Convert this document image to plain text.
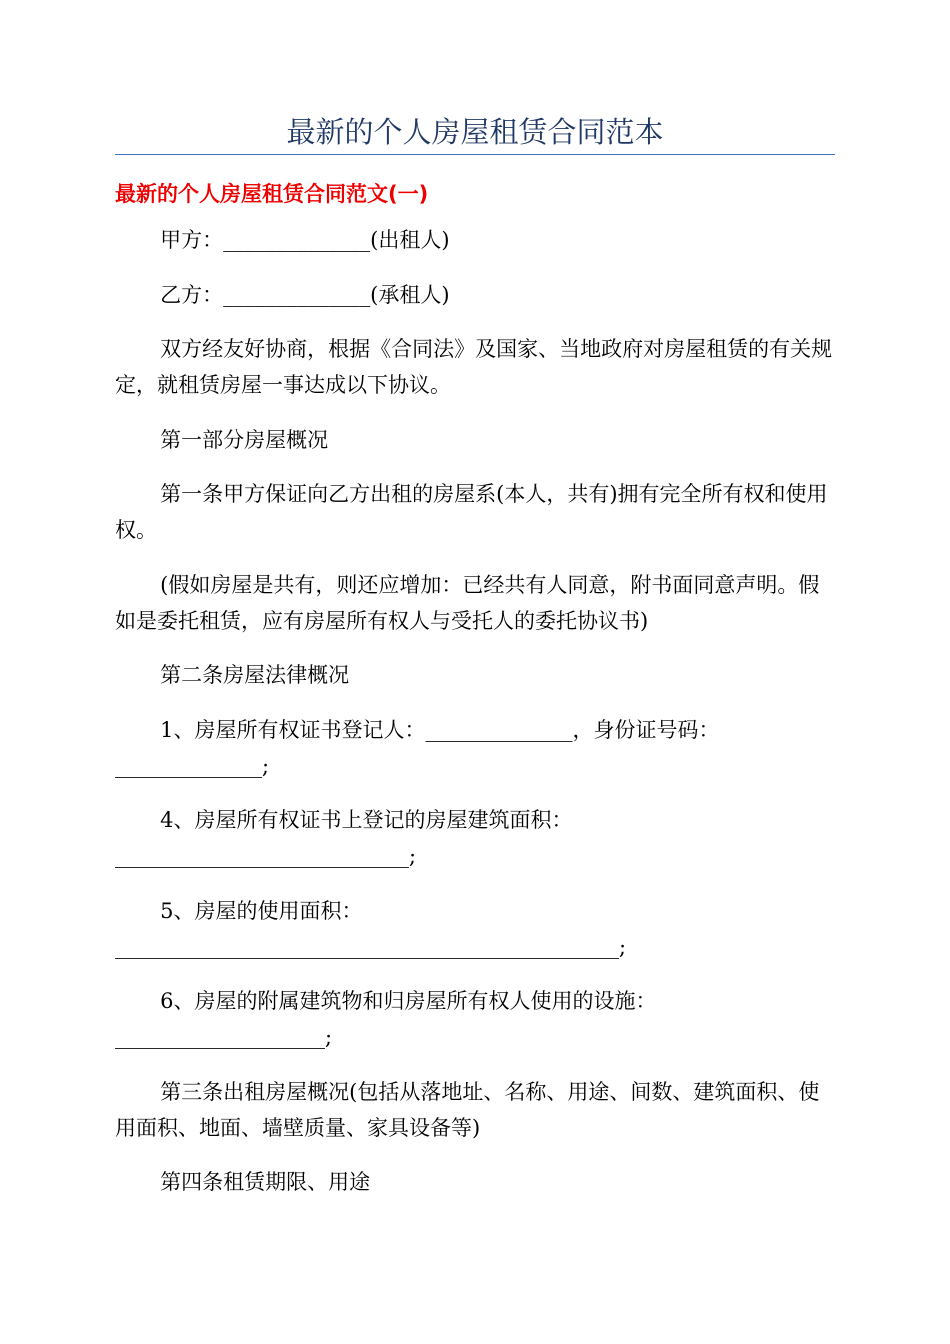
最新的个人房屋租赁合同范本
最新的个人房屋租赁合同范文(一)

甲方：______________(出租人)

乙方：______________(承租人)

双方经友好协商，根据《合同法》及国家、当地政府对房屋租赁的有关规定，就租赁房屋一事达成以下协议。

第一部分房屋概况

第一条甲方保证向乙方出租的房屋系(本人，共有)拥有完全所有权和使用权。

(假如房屋是共有，则还应增加：已经共有人同意，附书面同意声明。假如是委托租赁，应有房屋所有权人与受托人的委托协议书)

第二条房屋法律概况

1、房屋所有权证书登记人：______________，身份证号码：______________;

4、房屋所有权证书上登记的房屋建筑面积：____________________________;

5、房屋的使用面积：________________________________________________;

6、房屋的附属建筑物和归房屋所有权人使用的设施：____________________;

第三条出租房屋概况(包括从落地址、名称、用途、间数、建筑面积、使用面积、地面、墙壁质量、家具设备等)

第四条租赁期限、用途
